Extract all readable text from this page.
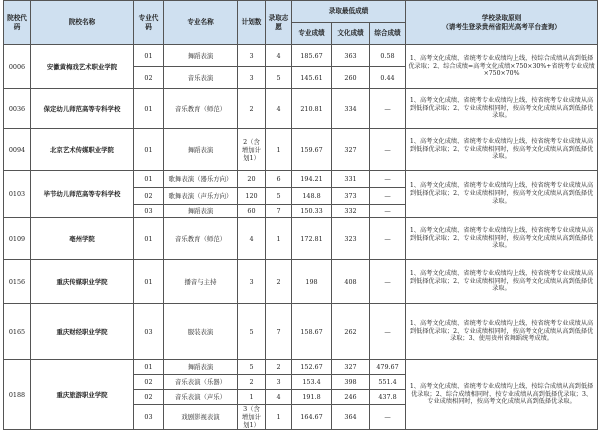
院校代码	院校名称	专业代码	专业名称	计划数	录取志愿	录取最低成绩			学校录取原则
（请考生登录贵州省阳光高考平台查询）

						专业成绩	文化成绩	综合成绩	
0006	安徽黄梅戏艺术职业学院	01	舞蹈表演	3	4	185.67	363	0.58	1、高考文化成绩、省统考专业成绩均上线，按综合成绩从高到低择优录取；2、综合成绩=高考文化成绩×750×30%+省统考专业成绩×750×70%
		02	音乐表演	3	5	145.61	260	0.44	
0036	保定幼儿师范高等专科学校	01	音乐教育（师范）	2	4	210.81	334	—	1、高考文化成绩、省统考专业成绩均上线，按省统考专业成绩从高到低择优录取；2、专业成绩相同时，按高考文化成绩从高到低择优录取。
0094	北京艺术传媒职业学院	01	舞蹈表演	2（含增加计划1）	1	159.67	327	—	1、高考文化成绩、省统考专业成绩均上线，按省统考专业成绩从高到低择优录取；2、专业成绩相同时，按高考文化成绩从高到低择优录取。
0103	毕节幼儿师范高等专科学校	01	歌舞表演（器乐方向）	20	6	194.21	331	—	1、高考文化成绩、省统考专业成绩均上线，按省统考专业成绩从高到低择优录取；2、专业成绩相同时，按高考文化成绩从高到低择优录取。
		02	歌舞表演（声乐方向）	120	5	148.8	373	—	
		03	舞蹈表演	60	7	150.33	332	—	
0109	亳州学院	01	音乐教育（师范）	4	1	172.81	323	—	1、高考文化成绩、省统考专业成绩均上线，按省统考专业成绩从高到低择优录取；2、专业成绩相同时，按高考文化成绩从高到低择优录取。
0156	重庆传媒职业学院	01	播音与主持	3	2	198	408	—	1、高考文化成绩、省统考专业成绩均上线，按省统考专业成绩从高到低择优录取；2、专业成绩相同时，按高考文化成绩从高到低择优录取。
0165	重庆财经职业学院	03	服装表演	5	7	158.67	262	—	1、高考文化成绩、省统考专业成绩均上线，按省统考专业成绩从高到低择优录取；2、专业成绩相同时，按高考文化成绩从高到低择优录取；3、使用贵州省舞蹈统考成绩。
0188	重庆旅游职业学院	01	舞蹈表演	5	2	152.67	327	479.67	1、高考文化成绩、省统考专业成绩均上线，按综合成绩从高到低择优录取；2、综合成绩相同时，按专业成绩从高到低择优录取；3、专业成绩相同时，按高考文化成绩从高到低择优录取。
		02	音乐表演（乐器）	2	3	153.4	398	551.4	
		02	音乐表演（声乐）	1	4	191.8	246	437.8	
		03	戏剧影视表演	3（含增加计划1）	1	164.67	364	—	
